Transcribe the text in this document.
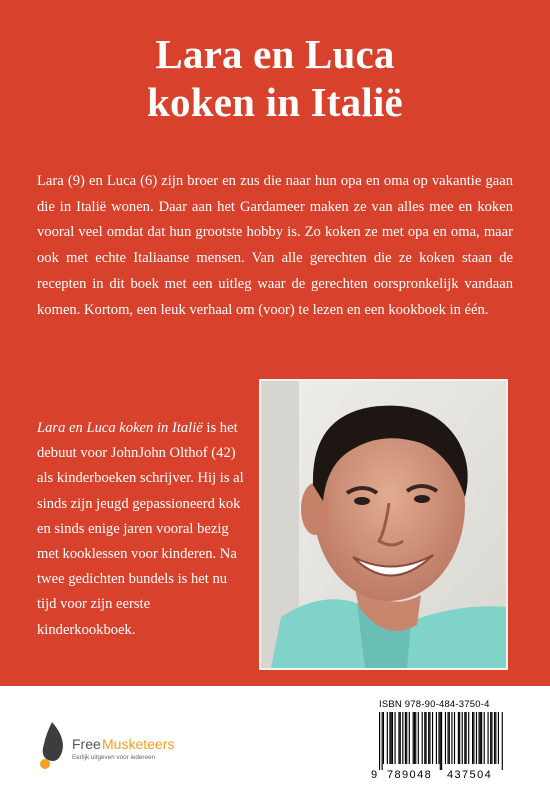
Lara en Luca
koken in Italië
Lara (9) en Luca (6) zijn broer en zus die naar hun opa en oma op vakantie gaan die in Italië wonen. Daar aan het Gardameer maken ze van alles mee en koken vooral veel omdat dat hun grootste hobby is. Zo koken ze met opa en oma, maar ook met echte Italiaanse mensen. Van alle gerechten die ze koken staan de recepten in dit boek met een uitleg waar de gerechten oorspronkelijk vandaan komen. Kortom, een leuk verhaal om (voor) te lezen en een kookboek in één.
Lara en Luca koken in Italië is het debuut voor JohnJohn Olthof (42) als kinderboeken schrijver. Hij is al sinds zijn jeugd gepassioneerd kok en sinds enige jaren vooral bezig met kooklessen voor kinderen. Na twee gedichten bundels is het nu tijd voor zijn eerste kinderkookboek.
Free Musketeers
Eerlijk uitgeven voor iedereen
ISBN 978-90-484-3750-4
9 789048 437504
